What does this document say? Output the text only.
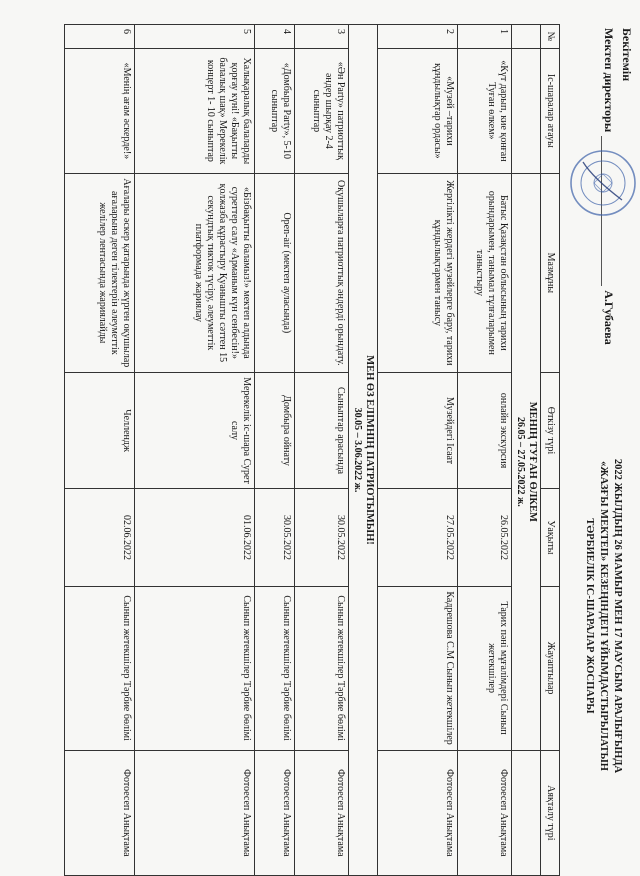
Бекітемін
Мектеп директорыА.Губаева
2022 ЖЫЛДЫҢ 26 МАМЫР МЕН 17 МАУСЫМ АРАЛЫҒЫНДА
«ЖАЗҒЫ МЕКТЕП» КЕЗЕҢІНДЕГІ ҰЙЫМДАСТЫРЫЛАТЫН
ТӘРБИЕЛІК ІС-ШАРАЛАР ЖОСПАРЫ
№	Іс-шаралар атауы	Мазмұны	Өткізу түрі	Уақыты	Жауаптылар	Аяқталу түрі
		МЕНІҢ ТУҒАН ӨЛКЕМ
26.05 – 27.05.2022 ж.				

1	«Күт дарып, кие қонған Туған өлкем»	Батыс Қазақстан облысының тарихи орындарымен, танымал тұлғаларымен таныстыру	онлайн экскурсия	26.05.2022	Тарих пәні мұғалімдері Сынып жетекшілер	Фотоесеп Анықтама
2	«Музей –тарихи құндылықтар ордасы»	Жергілікті жердегі музейлерге бару, тарихи құндылықтармен танысу	Музейдегі Ісаат	27.05.2022	Кадрешова С.М Сынып жетекшілер	Фотоесеп Анықтама
МЕН ӨЗ ЕЛІМНІҢ ПАТРИОТЫМЫН!
30.05 – 3.06.2022 ж.						

3	«Ән Party» патриоттық әндер шырқау 2-4 сыныптар	Оқушыларға патриоттық әндерді орындату.	Сыныптар арасында	30.05.2022	Сынып жетекшілер Тәрбие бөлімі	Фотоесеп Анықтама
4	«Домбыра Party», 5-10 сыныптар	Open-air (мектеп ауласында)	Домбыра ойнату	30.05.2022	Сынып жетекшілер Тәрбие бөлімі	Фотоесеп Анықтама
5	Халықаралық балаларды қорғау күні! «Бақытты балалық шақ» Мерекелік концерт 1- 10 сыныптар	«Бізбақытты баламыз!» мектеп алдында суреттер салу «Арманым күн сенбесін!» қолжазба құрастыру Қуанышты сәттен 15 секундтық тикток түсіру, әлеуметтік платформада жариялау	Мерекелік іс-шара Сурет салу	01.06.2022	Сынып жетекшілер Тәрбие бөлімі	Фотоесеп Анықтама
6	«Менің ағам әскерде!»	Ағалары әскер қатарында жүрген оқушылар ағаларына деген тілектерін әлеуметтік желілер лентасында жариялайды	Челлендж	02.06.2022	Сынып жетекшілер Тәрбие бөлімі	Фотоесеп Анықтама
